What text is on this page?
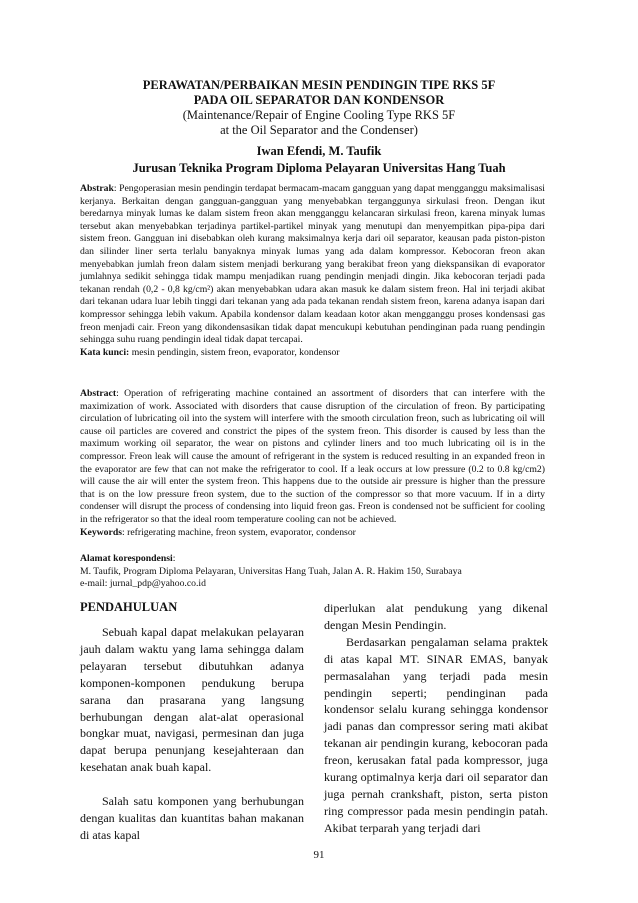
PERAWATAN/PERBAIKAN MESIN PENDINGIN TIPE RKS 5F
PADA OIL SEPARATOR DAN KONDENSOR
(Maintenance/Repair of Engine Cooling Type RKS 5F
at the Oil Separator and the Condenser)
Iwan Efendi, M. Taufik
Jurusan Teknika Program Diploma Pelayaran Universitas Hang Tuah

Abstrak: Pengoperasian mesin pendingin terdapat bermacam-macam gangguan yang dapat mengganggu maksimalisasi kerjanya. Berkaitan dengan gangguan-gangguan yang menyebabkan terganggunya sirkulasi freon. Dengan ikut beredarnya minyak lumas ke dalam sistem freon akan mengganggu kelancaran sirkulasi freon, karena minyak lumas tersebut akan menyebabkan terjadinya partikel-partikel minyak yang menutupi dan menyempitkan pipa-pipa dari sistem freon. Gangguan ini disebabkan oleh kurang maksimalnya kerja dari oil separator, keausan pada piston-piston dan silinder liner serta terlalu banyaknya minyak lumas yang ada dalam kompressor. Kebocoran freon akan menyebabkan jumlah freon dalam sistem menjadi berkurang yang berakibat freon yang diekspansikan di evaporator jumlahnya sedikit sehingga tidak mampu menjadikan ruang pendingin menjadi dingin. Jika kebocoran terjadi pada tekanan rendah (0,2 - 0,8 kg/cm²) akan menyebabkan udara akan masuk ke dalam sistem freon. Hal ini terjadi akibat dari tekanan udara luar lebih tinggi dari tekanan yang ada pada tekanan rendah sistem freon, karena adanya isapan dari kompressor sehingga lebih vakum. Apabila kondensor dalam keadaan kotor akan mengganggu proses kondensasi gas freon menjadi cair. Freon yang dikondensasikan tidak dapat mencukupi kebutuhan pendinginan pada ruang pendingin sehingga suhu ruang pendingin ideal tidak dapat tercapai.

Kata kunci: mesin pendingin, sistem freon, evaporator, kondensor

Abstract: Operation of refrigerating machine contained an assortment of disorders that can interfere with the maximization of work. Associated with disorders that cause disruption of the circulation of freon. By participating circulation of lubricating oil into the system will interfere with the smooth circulation freon, such as lubricating oil will cause oil particles are covered and constrict the pipes of the system freon. This disorder is caused by less than the maximum working oil separator, the wear on pistons and cylinder liners and too much lubricating oil is in the compressor. Freon leak will cause the amount of refrigerant in the system is reduced resulting in an expanded freon in the evaporator are few that can not make the refrigerator to cool. If a leak occurs at low pressure (0.2 to 0.8 kg/cm2) will cause the air will enter the system freon. This happens due to the outside air pressure is higher than the pressure that is on the low pressure freon system, due to the suction of the compressor so that more vacuum. If in a dirty condenser will disrupt the process of condensing into liquid freon gas. Freon is condensed not be sufficient for cooling in the refrigerator so that the ideal room temperature cooling can not be achieved.

Keywords: refrigerating machine, freon system, evaporator, condensor

Alamat korespondensi:

M. Taufik, Program Diploma Pelayaran, Universitas Hang Tuah, Jalan A. R. Hakim 150, Surabaya

e-mail: jurnal_pdp@yahoo.co.id

PENDAHULUAN

Sebuah kapal dapat melakukan pelayaran jauh dalam waktu yang lama sehingga dalam pelayaran tersebut dibutuhkan adanya komponen-komponen pendukung berupa sarana dan prasarana yang langsung berhubungan dengan alat-alat operasional bongkar muat, navigasi, permesinan dan juga dapat berupa penunjang kesejahteraan dan kesehatan anak buah kapal.

Salah satu komponen yang berhubungan dengan kualitas dan kuantitas bahan makanan di atas kapal

diperlukan alat pendukung yang dikenal dengan Mesin Pendingin.

Berdasarkan pengalaman selama praktek di atas kapal MT. SINAR EMAS, banyak permasalahan yang terjadi pada mesin pendingin seperti; pendinginan pada kondensor selalu kurang sehingga kondensor jadi panas dan compressor sering mati akibat tekanan air pendingin kurang, kebocoran pada freon, kerusakan fatal pada kompressor, juga kurang optimalnya kerja dari oil separator dan juga pernah crankshaft, piston, serta piston ring compressor pada mesin pendingin patah. Akibat terparah yang terjadi dari

91
